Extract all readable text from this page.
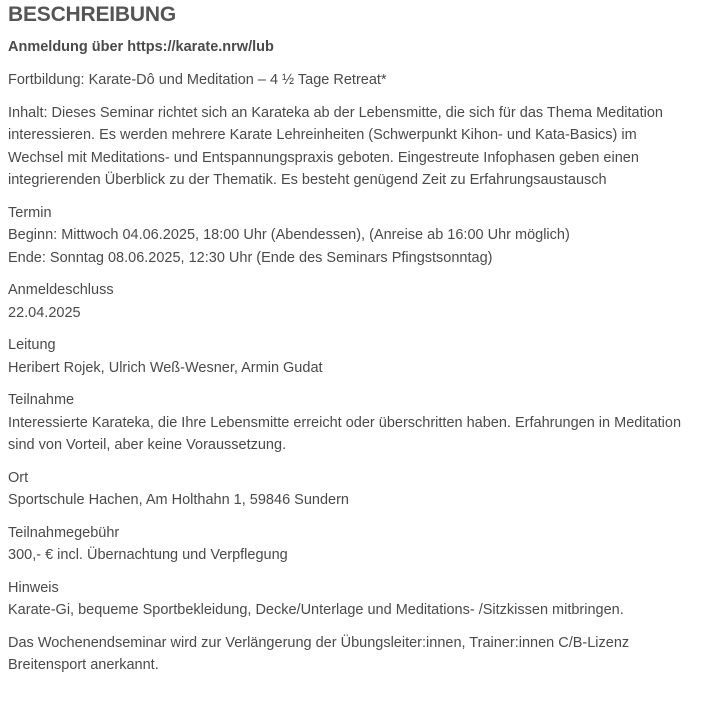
BESCHREIBUNG
Anmeldung über https://karate.nrw/lub

Fortbildung: Karate-Dô und Meditation – 4 ½ Tage Retreat*

Inhalt: Dieses Seminar richtet sich an Karateka ab der Lebensmitte, die sich für das Thema Meditation interessieren. Es werden mehrere Karate Lehreinheiten (Schwerpunkt Kihon- und Kata-Basics) im Wechsel mit Meditations- und Entspannungspraxis geboten. Eingestreute Infophasen geben einen integrierenden Überblick zu der Thematik. Es besteht genügend Zeit zu Erfahrungsaustausch

Termin
Beginn: Mittwoch 04.06.2025, 18:00 Uhr (Abendessen), (Anreise ab 16:00 Uhr möglich)
Ende: Sonntag 08.06.2025, 12:30 Uhr (Ende des Seminars Pfingstsonntag)
Anmeldeschluss
22.04.2025
Leitung
Heribert Rojek, Ulrich Weß-Wesner, Armin Gudat
Teilnahme
Interessierte Karateka, die Ihre Lebensmitte erreicht oder überschritten haben. Erfahrungen in Meditation sind von Vorteil, aber keine Voraussetzung.
Ort
Sportschule Hachen, Am Holthahn 1, 59846 Sundern
Teilnahmegebühr
300,- € incl. Übernachtung und Verpflegung
Hinweis
Karate-Gi, bequeme Sportbekleidung, Decke/Unterlage und Meditations- /Sitzkissen mitbringen.

Das Wochenendseminar wird zur Verlängerung der Übungsleiter:innen, Trainer:innen C/B-Lizenz Breitensport anerkannt.
